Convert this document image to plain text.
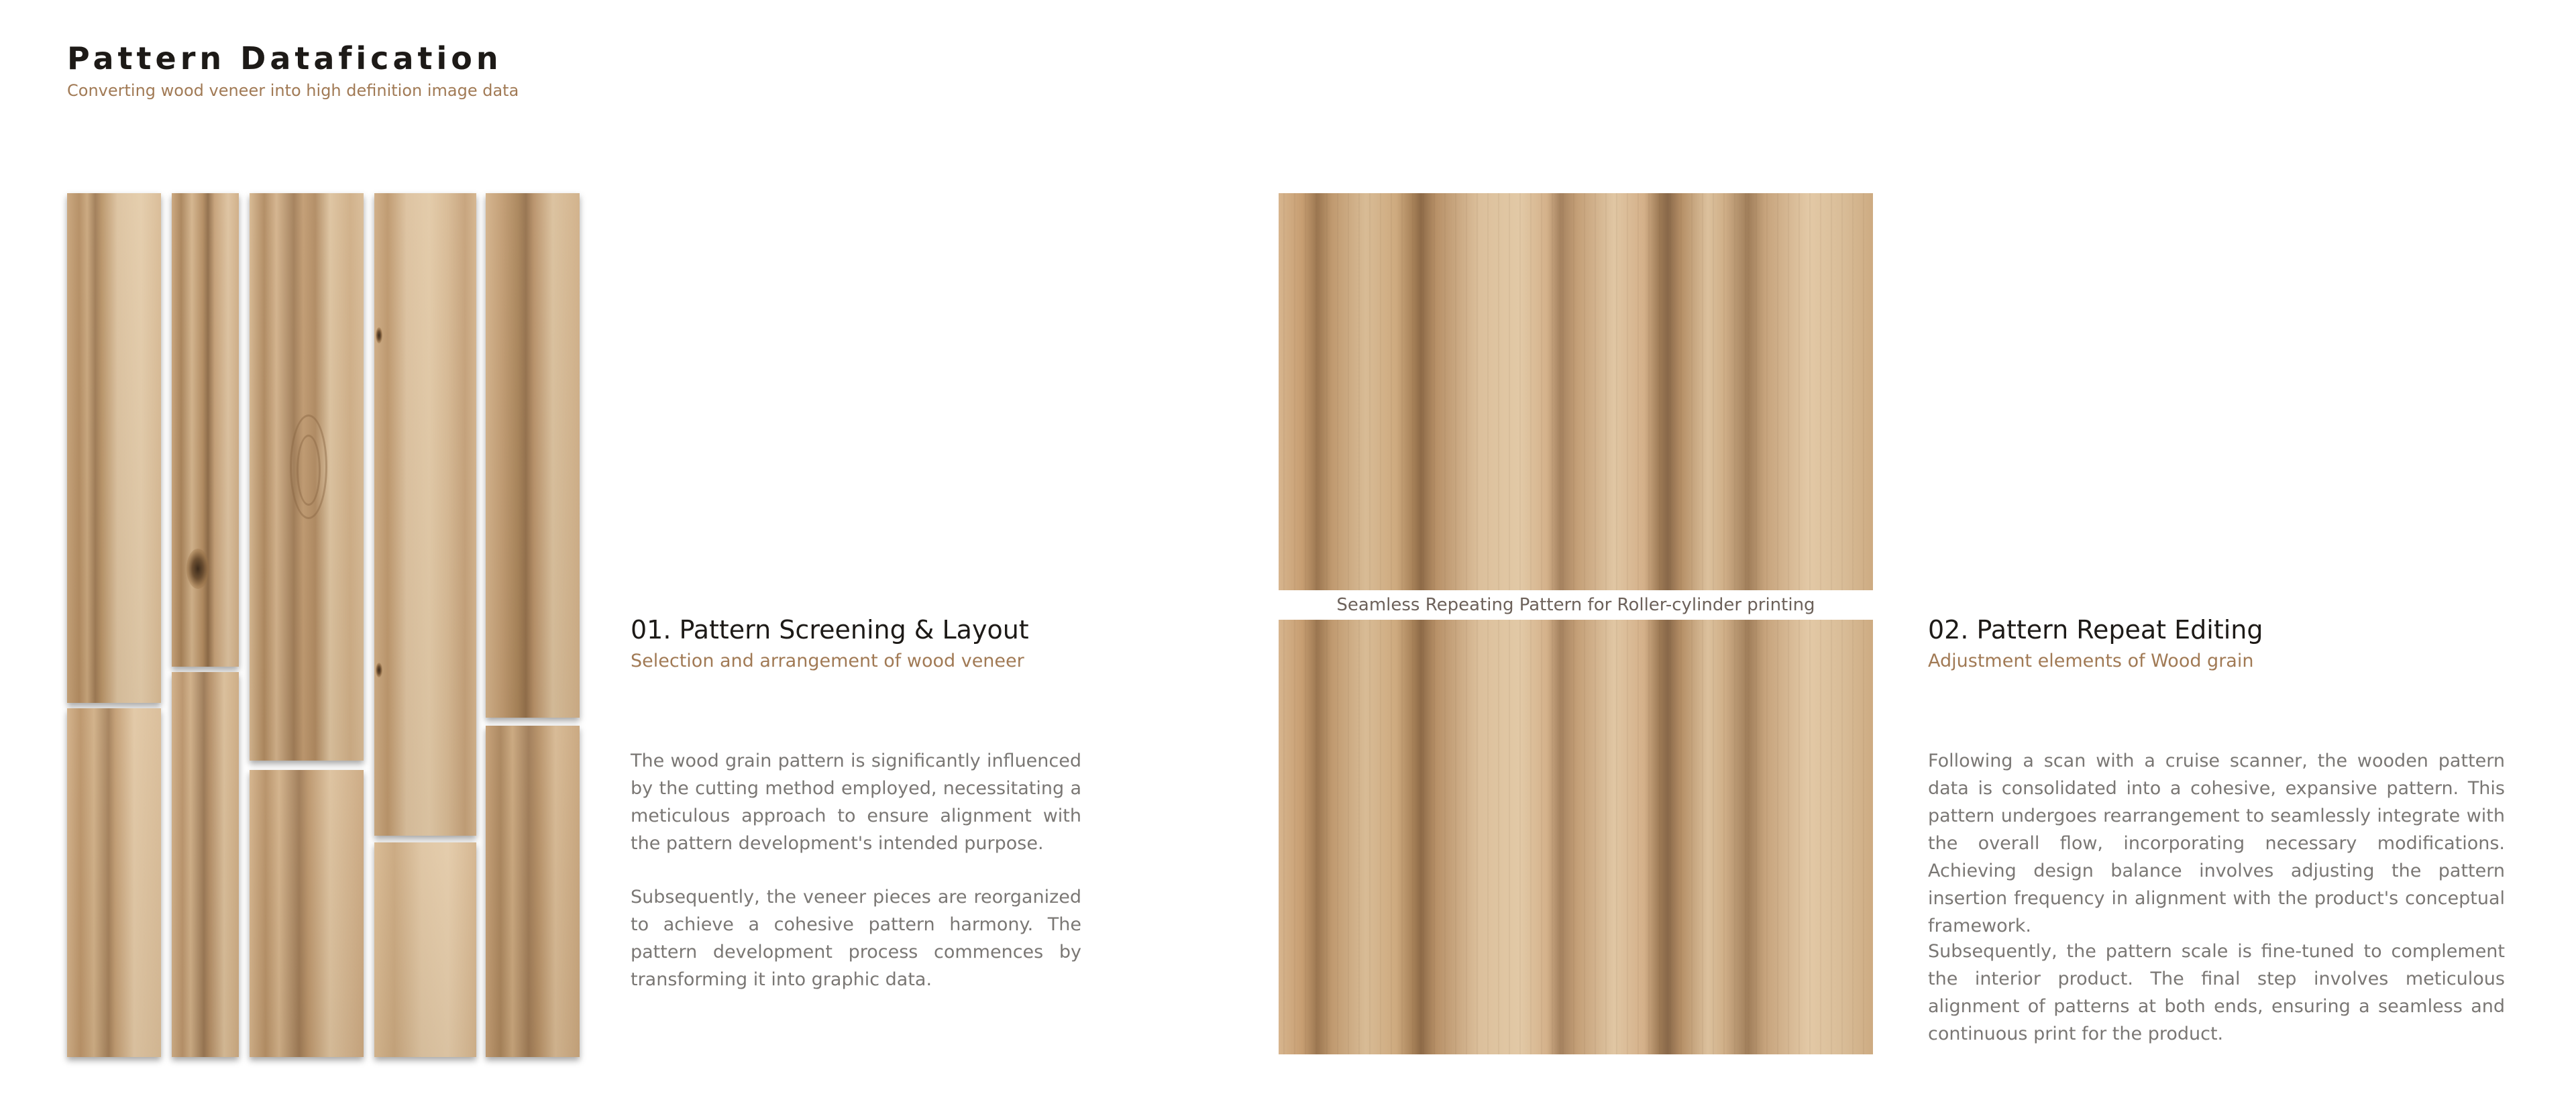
Pattern Datafication
Converting wood veneer into high definition image data
01. Pattern Screening & Layout
Selection and arrangement of wood veneer

The wood grain pattern is significantly influenced by the cutting method employed, necessitating a meticulous approach to ensure alignment with the pattern development's intended purpose.

Subsequently, the veneer pieces are reorganized to achieve a cohesive pattern harmony. The pattern development process commences by transforming it into graphic data.

Seamless Repeating Pattern for Roller-cylinder printing
02. Pattern Repeat Editing
Adjustment elements of Wood grain

Following a scan with a cruise scanner, the wooden pattern data is consolidated into a cohesive, expansive pattern. This pattern undergoes rearrangement to seamlessly integrate with the overall flow, incorporating necessary modifications. Achieving design balance involves adjusting the pattern insertion frequency in alignment with the product's conceptual framework.

Subsequently, the pattern scale is fine-tuned to complement the interior product. The final step involves meticulous alignment of patterns at both ends, ensuring a seamless and continuous print for the product.
